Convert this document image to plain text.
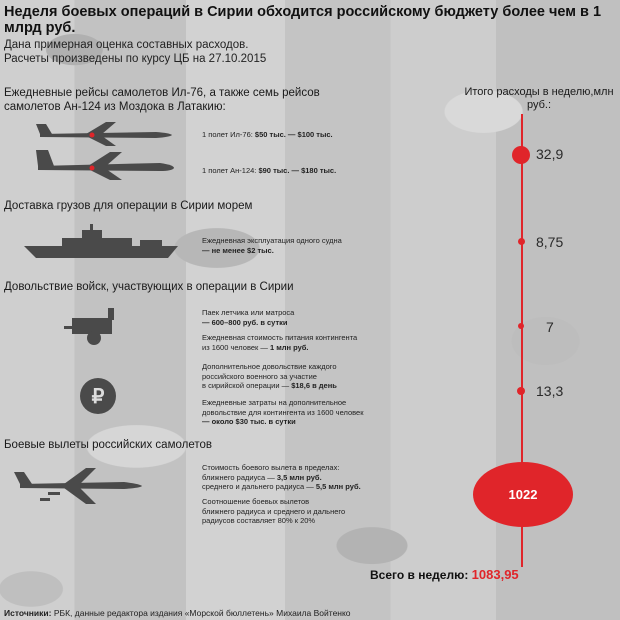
Неделя боевых операций в Сирии обходится российскому бюджету более чем в 1 млрд руб.
Дана примерная оценка составных расходов.
Расчеты произведены по курсу ЦБ на 27.10.2015
Ежедневные рейсы самолетов Ил-76, а также семь рейсов
самолетов Ан-124 из Моздока в Латакию:
Итого расходы в неделю,млн руб.:
1 полет Ил-76: $50 тыс. — $100 тыс.
1 полет Ан-124: $90 тыс. — $180 тыс.
32,9
Доставка грузов для операции в Сирии морем
Ежедневная эксплуатация одного судна
— не менее $2 тыс.	8,75
Довольствие войск, участвующих в операции в Сирии
Паек летчика или матроса
— 600–800 руб. в сутки
Ежедневная стоимость питания контингента
из 1600 человек — 1 млн руб.
7
₽
Дополнительное довольствие каждого
российского военного за участие
в сирийской операции — $18,6 в день
Ежедневные затраты на дополнительное
довольствие для контингента из 1600 человек
— около $30 тыс. в сутки
13,3
Боевые вылеты российских самолетов
Стоимость боевого вылета в пределах:
ближнего радиуса — 3,5 млн руб.
среднего и дальнего радиуса — 5,5 млн руб.
Соотношение боевых вылетов
ближнего радиуса и среднего и дальнего
радиусов составляет 80% к 20%
1022
Всего в неделю: 1083,95
Источники: РБК, данные редактора издания «Морской бюллетень» Михаила Войтенко
